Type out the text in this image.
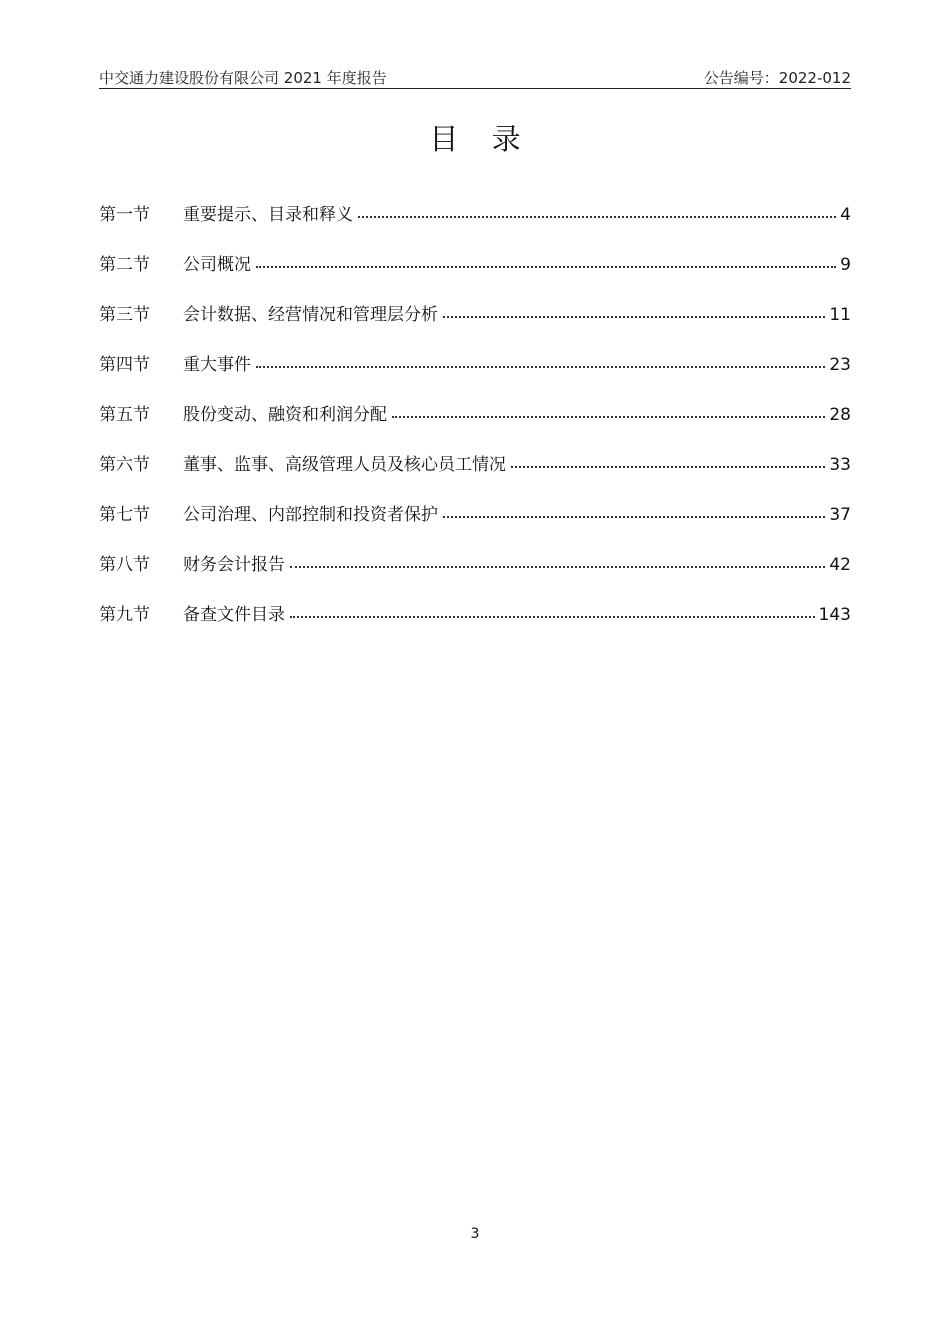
中交通力建设股份有限公司 2021 年度报告	公告编号：2022-012
目 录
第一节	重要提示、目录和释义	4
第二节	公司概况	9
第三节	会计数据、经营情况和管理层分析	11
第四节	重大事件	23
第五节	股份变动、融资和利润分配	28
第六节	董事、监事、高级管理人员及核心员工情况	33
第七节	公司治理、内部控制和投资者保护	37
第八节	财务会计报告	42
第九节	备查文件目录	143
3
